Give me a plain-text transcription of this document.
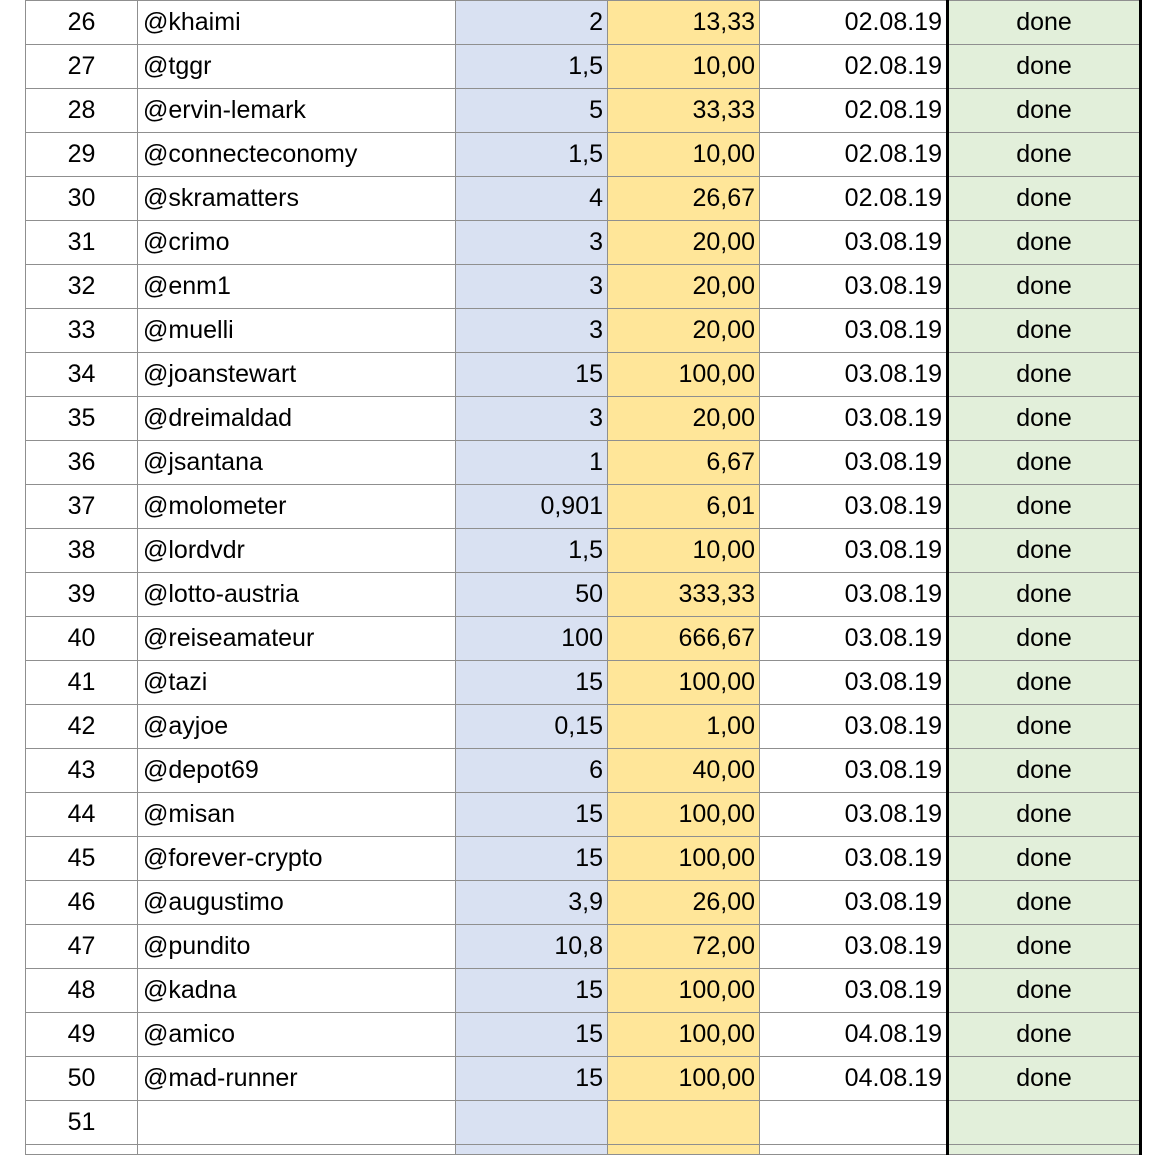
26	@khaimi	2	13,33	02.08.19	done
27	@tggr	1,5	10,00	02.08.19	done
28	@ervin-lemark	5	33,33	02.08.19	done
29	@connecteconomy	1,5	10,00	02.08.19	done
30	@skramatters	4	26,67	02.08.19	done
31	@crimo	3	20,00	03.08.19	done
32	@enm1	3	20,00	03.08.19	done
33	@muelli	3	20,00	03.08.19	done
34	@joanstewart	15	100,00	03.08.19	done
35	@dreimaldad	3	20,00	03.08.19	done
36	@jsantana	1	6,67	03.08.19	done
37	@molometer	0,901	6,01	03.08.19	done
38	@lordvdr	1,5	10,00	03.08.19	done
39	@lotto-austria	50	333,33	03.08.19	done
40	@reiseamateur	100	666,67	03.08.19	done
41	@tazi	15	100,00	03.08.19	done
42	@ayjoe	0,15	1,00	03.08.19	done
43	@depot69	6	40,00	03.08.19	done
44	@misan	15	100,00	03.08.19	done
45	@forever-crypto	15	100,00	03.08.19	done
46	@augustimo	3,9	26,00	03.08.19	done
47	@pundito	10,8	72,00	03.08.19	done
48	@kadna	15	100,00	03.08.19	done
49	@amico	15	100,00	04.08.19	done
50	@mad-runner	15	100,00	04.08.19	done
51					
